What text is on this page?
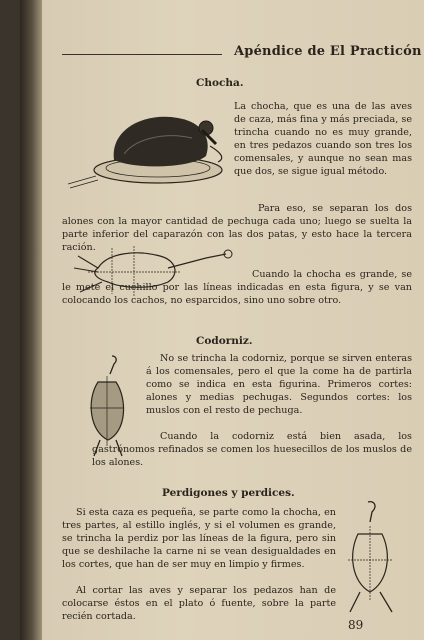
Apéndice de El Practicón
Chocha.

La chocha, que es una de las aves de caza, más fina y más preciada, se trincha cuando no es muy grande, en tres pedazos cuando son tres los comensales, y aunque no sean mas que dos, se sigue igual método.

Para eso, se separan los dos alones con la mayor cantidad de pechuga cada uno; luego se suelta la parte inferior del caparazón con las dos patas, y esto hace la tercera ración.

Cuando la chocha es grande, se le mete el cuchillo por las líneas indicadas en esta figura, y se van colocando los cachos, no esparcidos, sino uno sobre otro.

Codorniz.

No se trincha la codorniz, porque se sirven enteras á los comensales, pero el que la come ha de partirla como se indica en esta figurina. Primeros cortes: alones y medias pechugas. Segundos cortes: los muslos con el resto de pechuga.

Cuando la codorniz está bien asada, los gastrónomos refinados se comen los huesecillos de los muslos de los alones.

Perdigones y perdices.

Si esta caza es pequeña, se parte como la chocha, en tres partes, al estillo inglés, y si el volumen es grande, se trincha la perdiz por las líneas de la figura, pero sin que se deshilache la carne ni se vean desigualdades en los cortes, que han de ser muy en limpio y firmes.

Al cortar las aves y separar los pedazos han de colocarse éstos en el plato ó fuente, sobre la parte recién cortada.

89
